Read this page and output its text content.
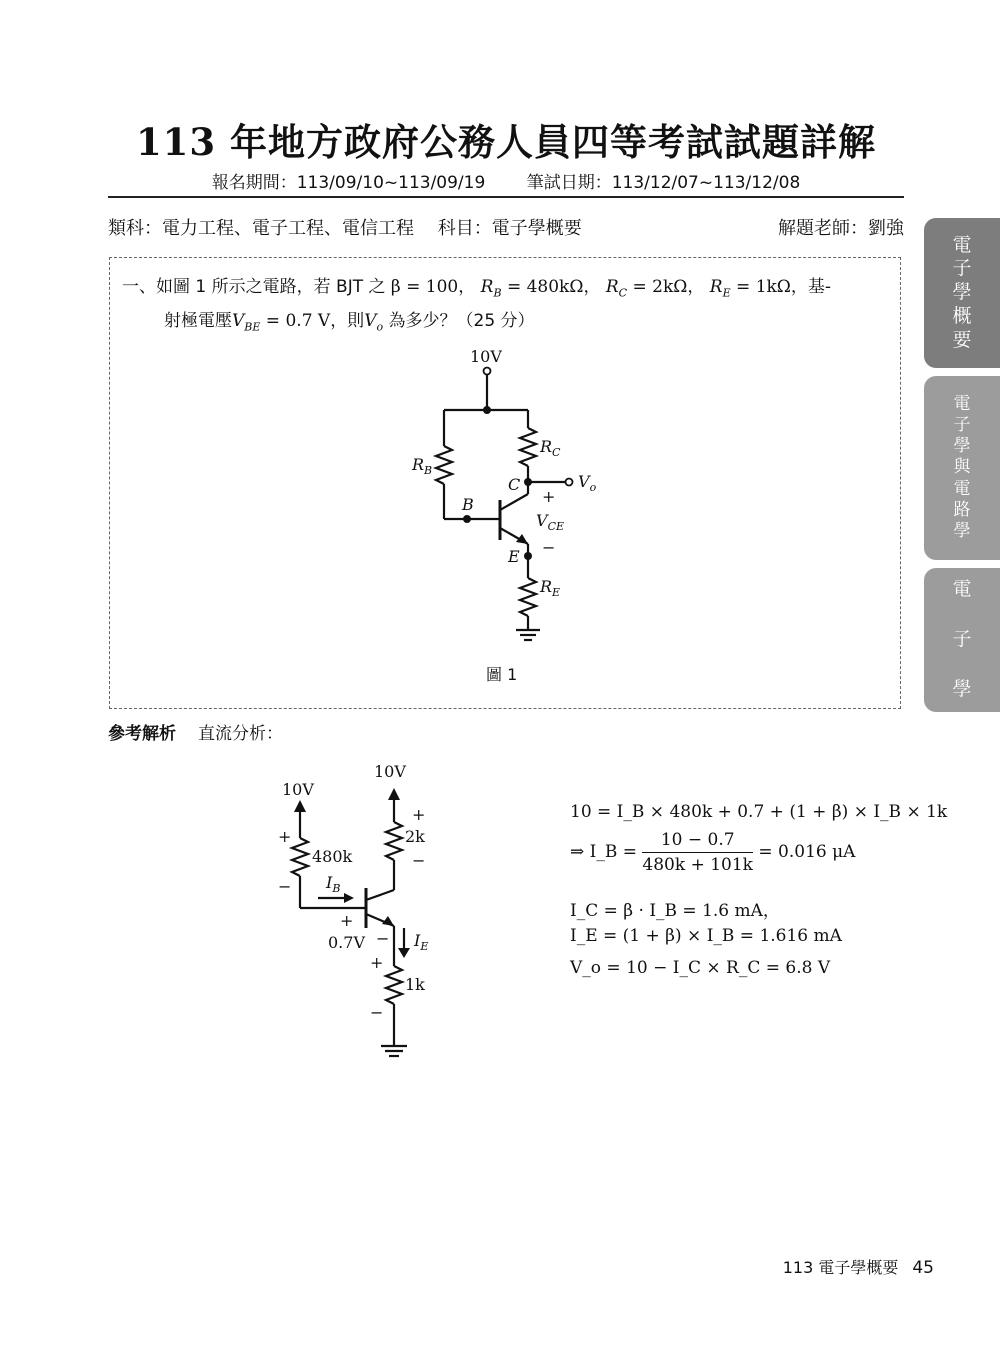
113 年地方政府公務人員四等考試試題詳解
報名期間：113/09/10~113/09/19 筆試日期：113/12/07~113/12/08
類科：電力工程、電子工程、電信工程 科目：電子學概要	解題老師：劉強
一、如圖 1 所示之電路，若 BJT 之 β = 100， $R_B = 480k\Omega$， $R_C = 2k\Omega$， $R_E = 1k\Omega$，基-
射極電壓$V_{BE} = 0.7$ V，則$V_o$ 為多少？（25 分）
10V
$R_B$
$R_C$
$R_E$
B
C
E
$V_o$
+
$V_{CE}$
−
圖 1
參考解析 直流分析：
10V
10V
+
480k
−
+
2k
−
$I_B$
+
$0.7V - I_E$
+
1k
−
10 = I_B × 480k + 0.7 + (1 + β) × I_B × 1k
⇒ I_B = $\frac{10 - 0.7}{480k + 101k} = 0.016$ μA
I_C = β · I_B = 1.6 mA，
I_E = (1 + β) × I_B = 1.616 mA
V_o = 10 − I_C × R_C = 6.8 V
電
子
學
概
要
電
子
學
與
電
路
學
電
子
學
113 電子學概要 45
